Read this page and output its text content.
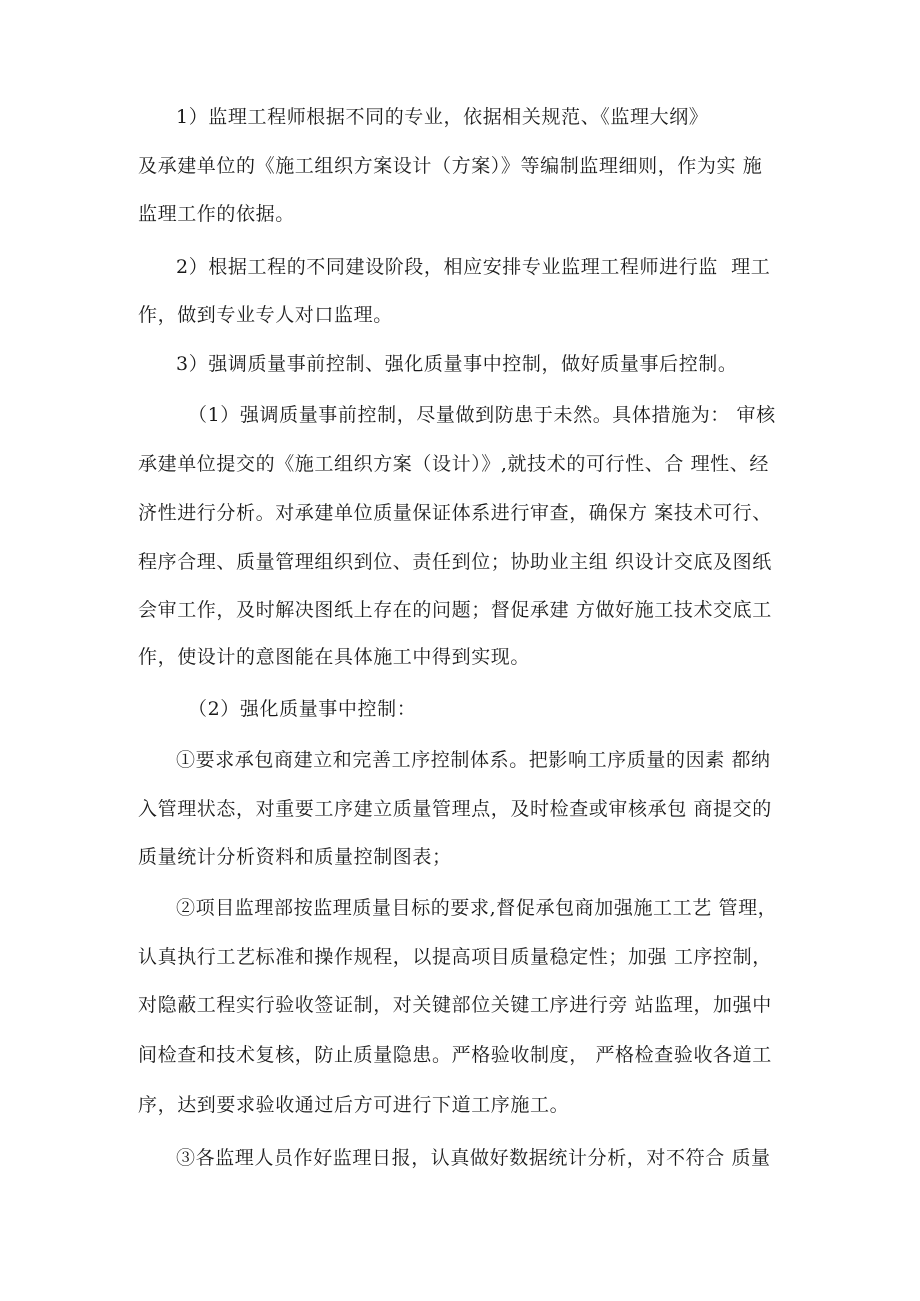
1）监理工程师根据不同的专业，依据相关规范、《监理大纲》
及承建单位的《施工组织方案设计（方案）》等编制监理细则，作为实 施
监理工作的依据。
2）根据工程的不同建设阶段，相应安排专业监理工程师进行监  理工
作，做到专业专人对口监理。
3）强调质量事前控制、强化质量事中控制，做好质量事后控制。
（1）强调质量事前控制，尽量做到防患于未然。具体措施为： 审核
承建单位提交的《施工组织方案（设计）》,就技术的可行性、合 理性、经
济性进行分析。对承建单位质量保证体系进行审查，确保方 案技术可行、
程序合理、质量管理组织到位、责任到位；协助业主组 织设计交底及图纸
会审工作，及时解决图纸上存在的问题；督促承建 方做好施工技术交底工
作，使设计的意图能在具体施工中得到实现。
（2）强化质量事中控制：
①要求承包商建立和完善工序控制体系。把影响工序质量的因素 都纳
入管理状态，对重要工序建立质量管理点，及时检查或审核承包 商提交的
质量统计分析资料和质量控制图表；
②项目监理部按监理质量目标的要求,督促承包商加强施工工艺 管理，
认真执行工艺标准和操作规程，以提高项目质量稳定性；加强 工序控制，
对隐蔽工程实行验收签证制，对关键部位关键工序进行旁 站监理，加强中
间检查和技术复核，防止质量隐患。严格验收制度， 严格检查验收各道工
序，达到要求验收通过后方可进行下道工序施工。
③各监理人员作好监理日报，认真做好数据统计分析，对不符合 质量
